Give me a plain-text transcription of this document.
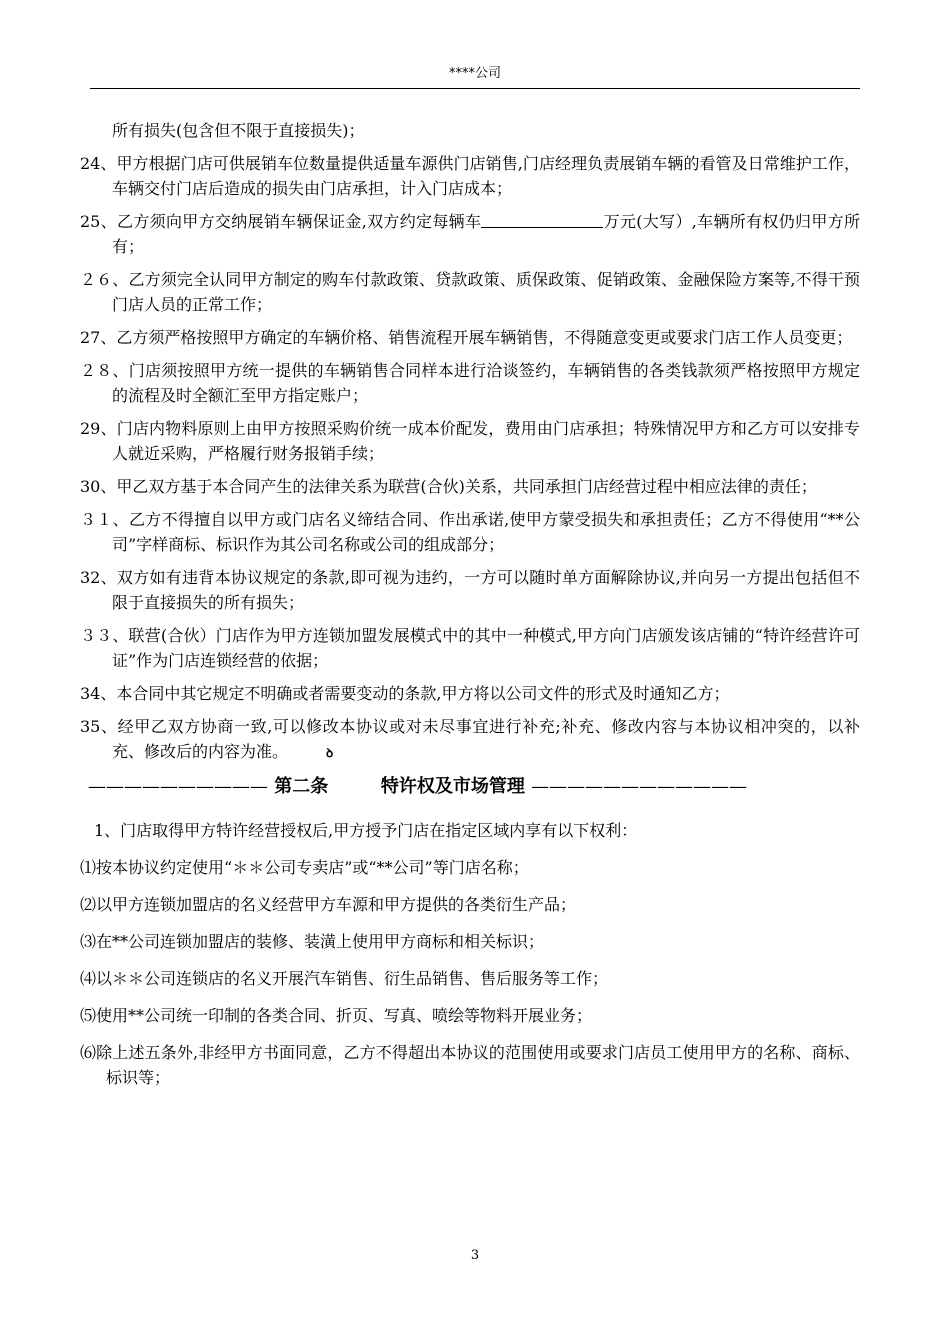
****公司

所有损失(包含但不限于直接损失)；

24、甲方根据门店可供展销车位数量提供适量车源供门店销售,门店经理负责展销车辆的看管及日常维护工作，车辆交付门店后造成的损失由门店承担，计入门店成本；

25、乙方须向甲方交纳展销车辆保证金,双方约定每辆车	万元(大写）,车辆所有权仍归甲方所有；

２６、乙方须完全认同甲方制定的购车付款政策、贷款政策、质保政策、促销政策、金融保险方案等,不得干预门店人员的正常工作；

27、乙方须严格按照甲方确定的车辆价格、销售流程开展车辆销售，不得随意变更或要求门店工作人员变更；

２８、门店须按照甲方统一提供的车辆销售合同样本进行洽谈签约，车辆销售的各类钱款须严格按照甲方规定的流程及时全额汇至甲方指定账户；

29、门店内物料原则上由甲方按照采购价统一成本价配发，费用由门店承担；特殊情况甲方和乙方可以安排专人就近采购，严格履行财务报销手续；

30、甲乙双方基于本合同产生的法律关系为联营(合伙)关系，共同承担门店经营过程中相应法律的责任；

３１、乙方不得擅自以甲方或门店名义缔结合同、作出承诺,使甲方蒙受损失和承担责任；乙方不得使用“**公司”字样商标、标识作为其公司名称或公司的组成部分；

32、双方如有违背本协议规定的条款,即可视为违约，一方可以随时单方面解除协议,并向另一方提出包括但不限于直接损失的所有损失；

３３、联营(合伙）门店作为甲方连锁加盟发展模式中的其中一种模式,甲方向门店颁发该店铺的“特许经营许可证”作为门店连锁经营的依据；

34、本合同中其它规定不明确或者需要变动的条款,甲方将以公司文件的形式及时通知乙方；

35、经甲乙双方协商一致,可以修改本协议或对未尽事宜进行补充;补充、修改内容与本协议相冲突的，以补充、修改后的内容为准。	ꝺ

—————————— 第二条	特许权及市场管理 ————————————

1、门店取得甲方特许经营授权后,甲方授予门店在指定区域内享有以下权利：

⑴按本协议约定使用“＊＊公司专卖店”或“**公司”等门店名称；

⑵以甲方连锁加盟店的名义经营甲方车源和甲方提供的各类衍生产品；

⑶在**公司连锁加盟店的装修、装潢上使用甲方商标和相关标识；

⑷以＊＊公司连锁店的名义开展汽车销售、衍生品销售、售后服务等工作；

⑸使用**公司统一印制的各类合同、折页、写真、喷绘等物料开展业务；

⑹除上述五条外,非经甲方书面同意，乙方不得超出本协议的范围使用或要求门店员工使用甲方的名称、商标、标识等；

3
